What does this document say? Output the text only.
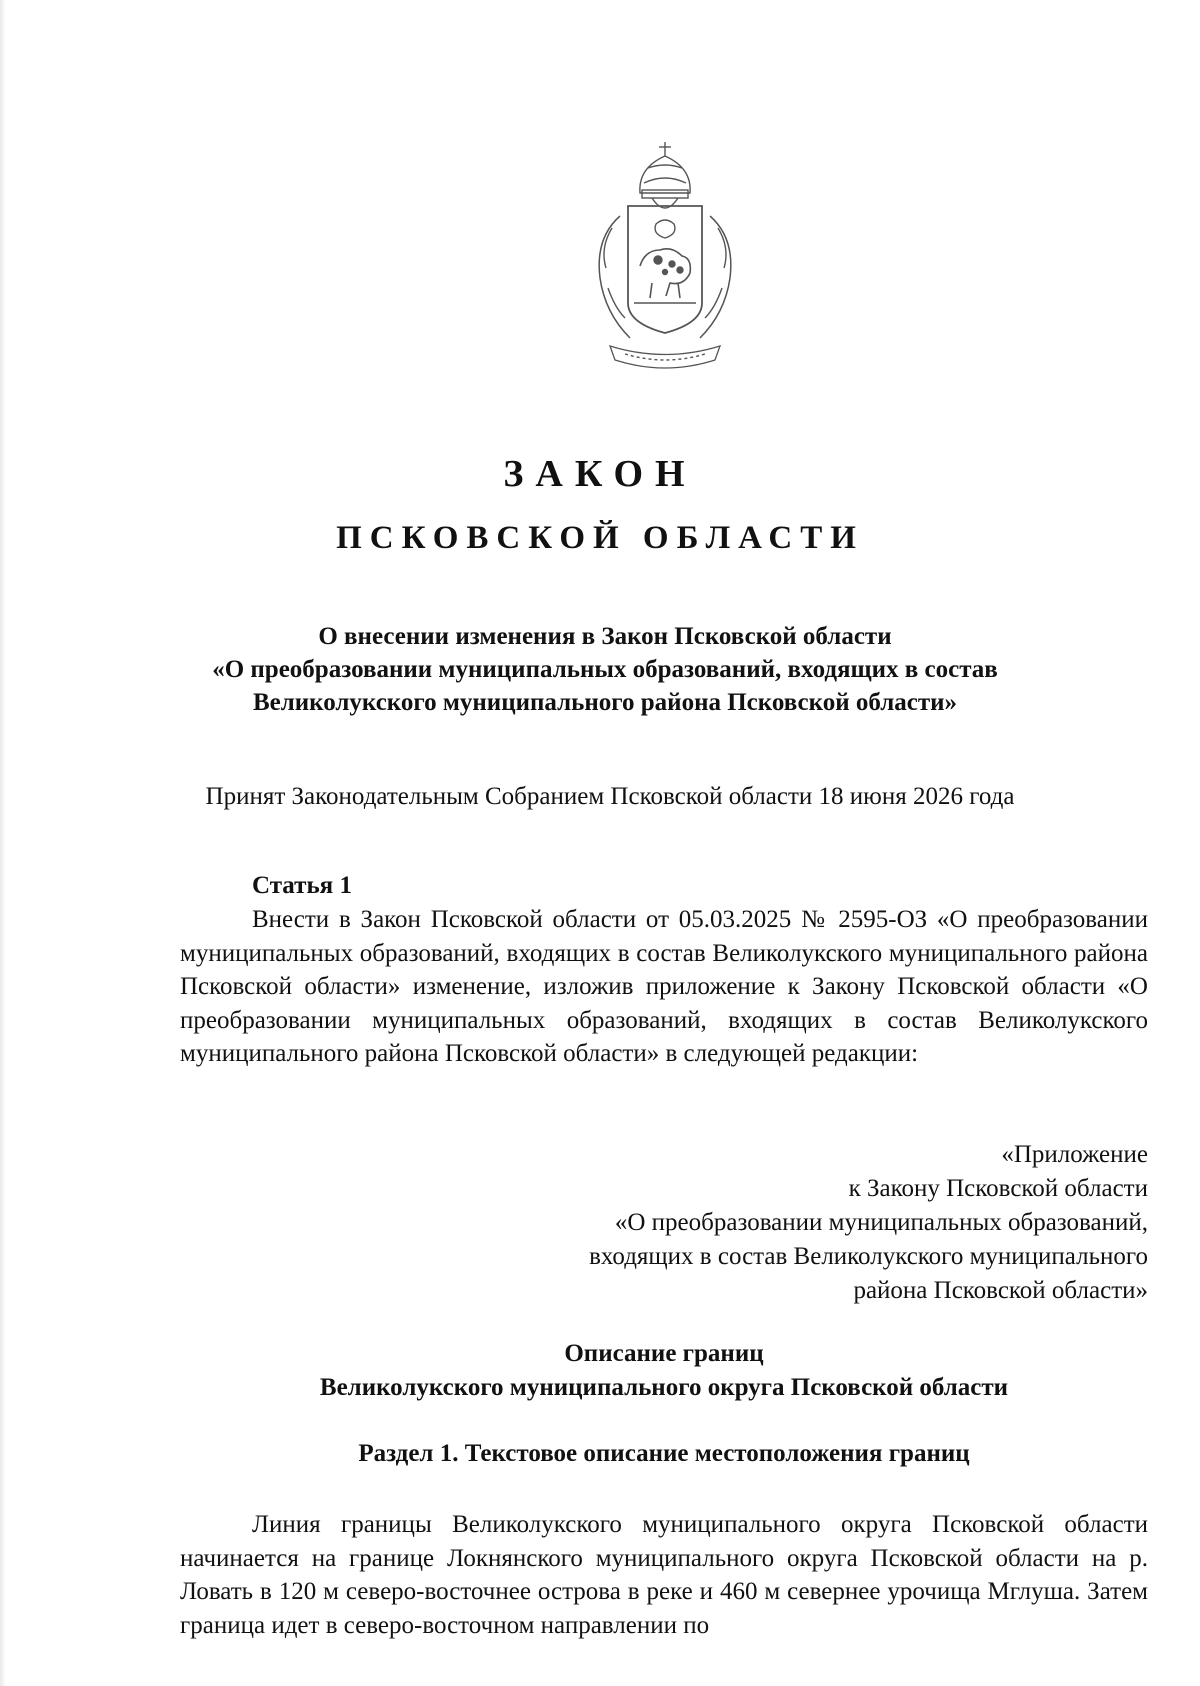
ЗАКОН
ПСКОВСКОЙ ОБЛАСТИ
О внесении изменения в Закон Псковской области
«О преобразовании муниципальных образований, входящих в состав
Великолукского муниципального района Псковской области»
Принят Законодательным Собранием Псковской области 18 июня 2026 года
Статья 1

Внести в Закон Псковской области от 05.03.2025 № 2595-ОЗ «О преобразовании муниципальных образований, входящих в состав Великолукского муниципального района Псковской области» изменение, изложив приложение к Закону Псковской области «О преобразовании муниципальных образований, входящих в состав Великолукского муниципального района Псковской области» в следующей редакции:

«Приложение
к Закону Псковской области
«О преобразовании муниципальных образований,
входящих в состав Великолукского муниципального
района Псковской области»
Описание границ
Великолукского муниципального округа Псковской области
Раздел 1. Текстовое описание местоположения границ

Линия границы Великолукского муниципального округа Псковской области начинается на границе Локнянского муниципального округа Псковской области на р. Ловать в 120 м северо-восточнее острова в реке и 460 м севернее урочища Мглуша. Затем граница идет в северо-восточном направлении по
